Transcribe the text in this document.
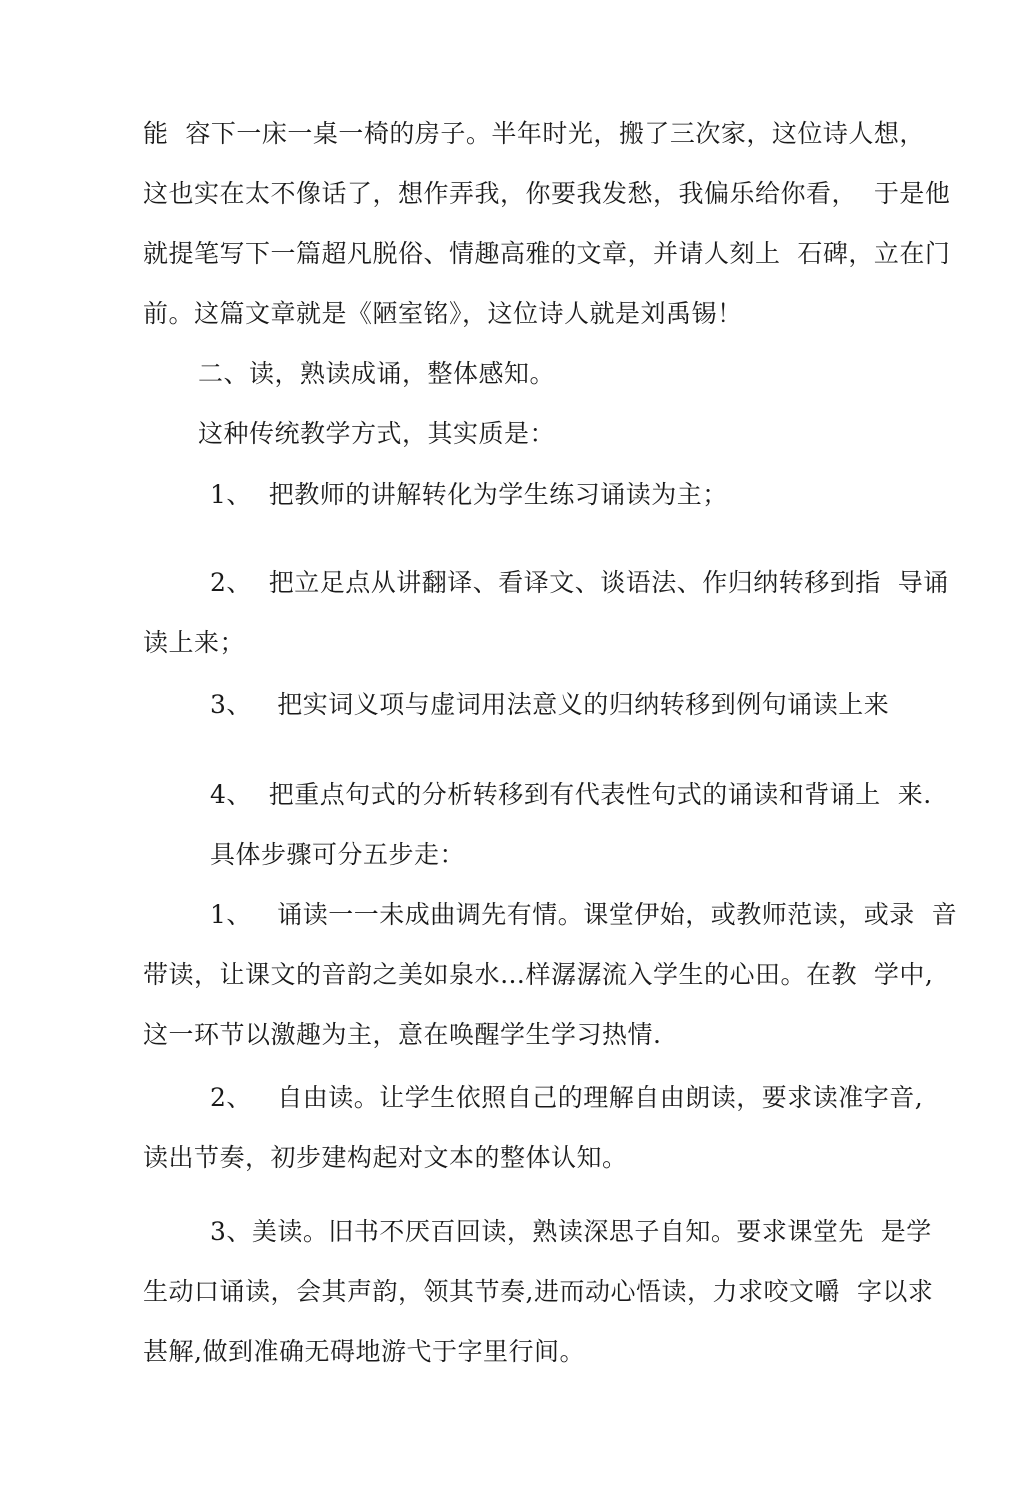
能  容下一床一桌一椅的房子。半年时光，搬了三次家，这位诗人想，
这也实在太不像话了，想作弄我，你要我发愁，我偏乐给你看，  于是他
就提笔写下一篇超凡脱俗、情趣高雅的文章，并请人刻上  石碑，立在门
前。这篇文章就是《陋室铭》，这位诗人就是刘禹锡！
二、读，熟读成诵，整体感知。
这种传统教学方式，其实质是：
1、  把教师的讲解转化为学生练习诵读为主；
2、  把立足点从讲翻译、看译文、谈语法、作归纳转移到指  导诵
读上来；
3、   把实词义项与虚词用法意义的归纳转移到例句诵读上来
4、  把重点句式的分析转移到有代表性句式的诵读和背诵上  来.
具体步骤可分五步走：
1、   诵读一一未成曲调先有情。课堂伊始，或教师范读，或录  音
带读，让课文的音韵之美如泉水…样潺潺流入学生的心田。在教  学中,
这一环节以激趣为主，意在唤醒学生学习热情.
2、   自由读。让学生依照自己的理解自由朗读，要求读准字音,
读出节奏，初步建构起对文本的整体认知。
3、美读。旧书不厌百回读，熟读深思子自知。要求课堂先  是学
生动口诵读，会其声韵，领其节奏,进而动心悟读，力求咬文嚼  字以求
甚解,做到准确无碍地游弋于字里行间。
